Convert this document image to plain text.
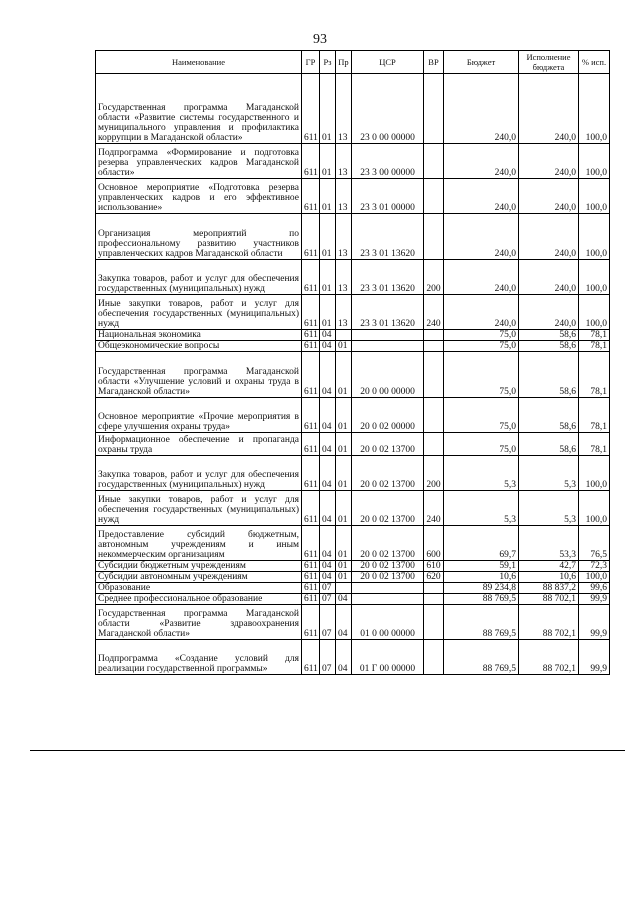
93
Наименование	ГР	Рз	Пр	ЦСР	ВР	Бюджет	Исполнение бюджета	% исп.
Государственная программа Магаданской области «Развитие системы государственного и муниципального управления и профилактика коррупции в Магаданской области»	611	01	13	23 0 00 00000		240,0	240,0	100,0
Подпрограмма «Формирование и подготовка резерва управленческих кадров Магаданской области»	611	01	13	23 3 00 00000		240,0	240,0	100,0
Основное мероприятие «Подготовка резерва управленческих кадров и его эффективное использование»	611	01	13	23 3 01 00000		240,0	240,0	100,0
Организация мероприятий по профессиональному развитию участников управленческих кадров Магаданской области	611	01	13	23 3 01 13620		240,0	240,0	100,0
Закупка товаров, работ и услуг для обеспечения государственных (муниципальных) нужд	611	01	13	23 3 01 13620	200	240,0	240,0	100,0
Иные закупки товаров, работ и услуг для обеспечения государственных (муниципальных) нужд	611	01	13	23 3 01 13620	240	240,0	240,0	100,0
Национальная экономика	611	04				75,0	58,6	78,1
Общеэкономические вопросы	611	04	01			75,0	58,6	78,1
Государственная программа Магаданской области «Улучшение условий и охраны труда в Магаданской области»	611	04	01	20 0 00 00000		75,0	58,6	78,1
Основное мероприятие «Прочие мероприятия в сфере улучшения охраны труда»	611	04	01	20 0 02 00000		75,0	58,6	78,1
Информационное обеспечение и пропаганда охраны труда	611	04	01	20 0 02 13700		75,0	58,6	78,1
Закупка товаров, работ и услуг для обеспечения государственных (муниципальных) нужд	611	04	01	20 0 02 13700	200	5,3	5,3	100,0
Иные закупки товаров, работ и услуг для обеспечения государственных (муниципальных) нужд	611	04	01	20 0 02 13700	240	5,3	5,3	100,0
Предоставление субсидий бюджетным, автономным учреждениям и иным некоммерческим организациям	611	04	01	20 0 02 13700	600	69,7	53,3	76,5
Субсидии бюджетным учреждениям	611	04	01	20 0 02 13700	610	59,1	42,7	72,3
Субсидии автономным учреждениям	611	04	01	20 0 02 13700	620	10,6	10,6	100,0
Образование	611	07				89 234,8	88 837,2	99,6
Среднее профессиональное образование	611	07	04			88 769,5	88 702,1	99,9
Государственная программа Магаданской области «Развитие здравоохранения Магаданской области»	611	07	04	01 0 00 00000		88 769,5	88 702,1	99,9
Подпрограмма «Создание условий для реализации государственной программы»	611	07	04	01 Г 00 00000		88 769,5	88 702,1	99,9
